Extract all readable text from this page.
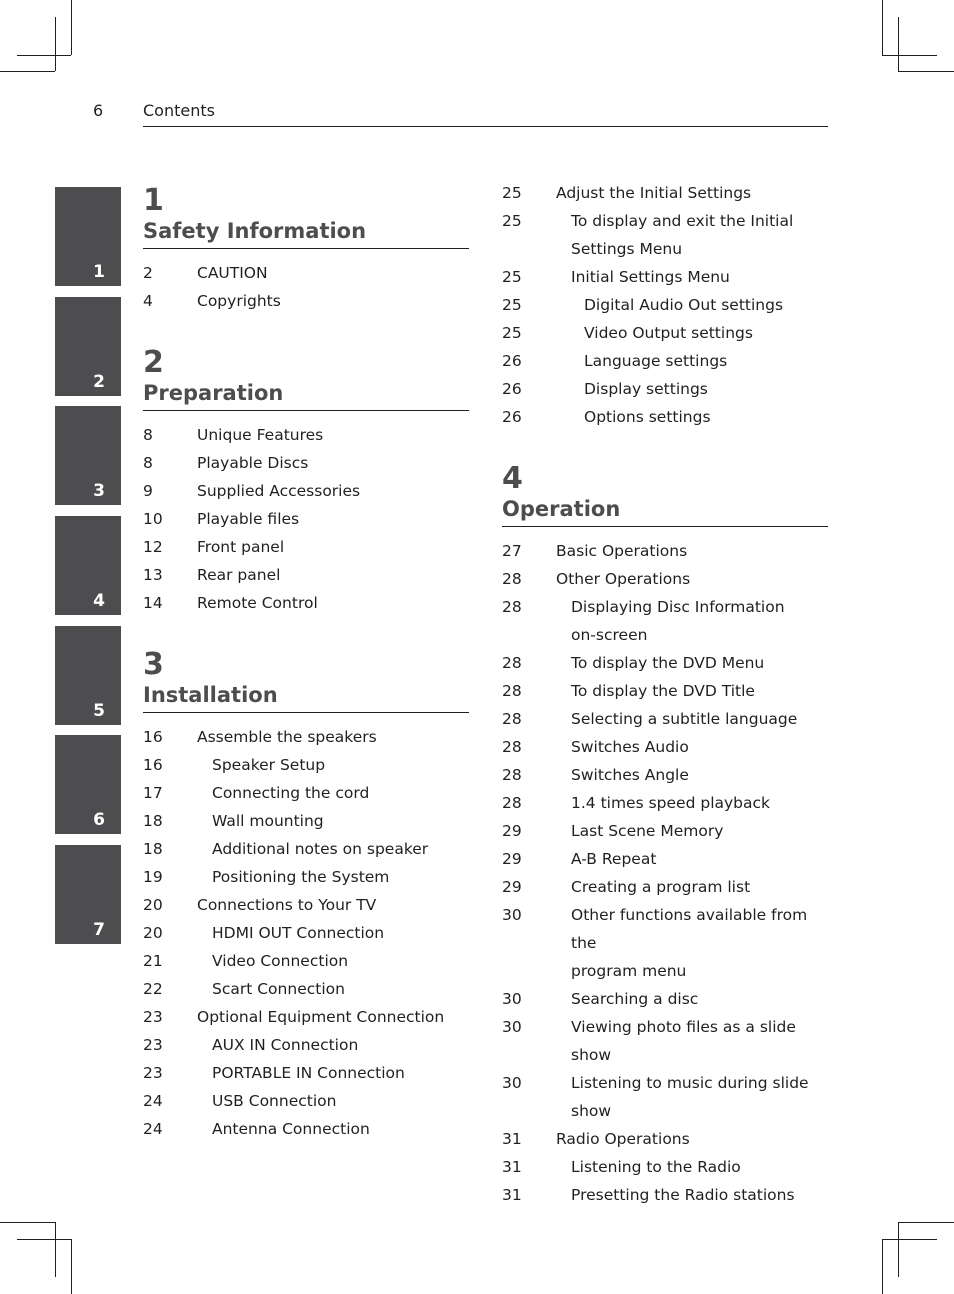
6 Contents
1
2
3
4
5
6
7
1
Safety Information
2	CAUTION
4	Copyrights
2
Preparation
8	Unique Features
8	Playable Discs
9	Supplied Accessories
10	Playable files
12	Front panel
13	Rear panel
14	Remote Control
3
Installation
16	Assemble the speakers
16	Speaker Setup
17	Connecting the cord
18	Wall mounting
18	Additional notes on speaker
19	Positioning the System
20	Connections to Your TV
20	HDMI OUT Connection
21	Video Connection
22	Scart Connection
23	Optional Equipment Connection
23	AUX IN Connection
23	PORTABLE IN Connection
24	USB Connection
24	Antenna Connection
25	Adjust the Initial Settings
25	To display and exit the Initial
Settings Menu
25	Initial Settings Menu
25	Digital Audio Out settings
25	Video Output settings
26	Language settings
26	Display settings
26	Options settings
4
Operation
27	Basic Operations
28	Other Operations
28	Displaying Disc Information
on-screen
28	To display the DVD Menu
28	To display the DVD Title
28	Selecting a subtitle language
28	Switches Audio
28	Switches Angle
28	1.4 times speed playback
29	Last Scene Memory
29	A-B Repeat
29	Creating a program list
30	Other functions available from the
program menu
30	Searching a disc
30	Viewing photo files as a slide show
30	Listening to music during slide
show
31	Radio Operations
31	Listening to the Radio
31	Presetting the Radio stations
